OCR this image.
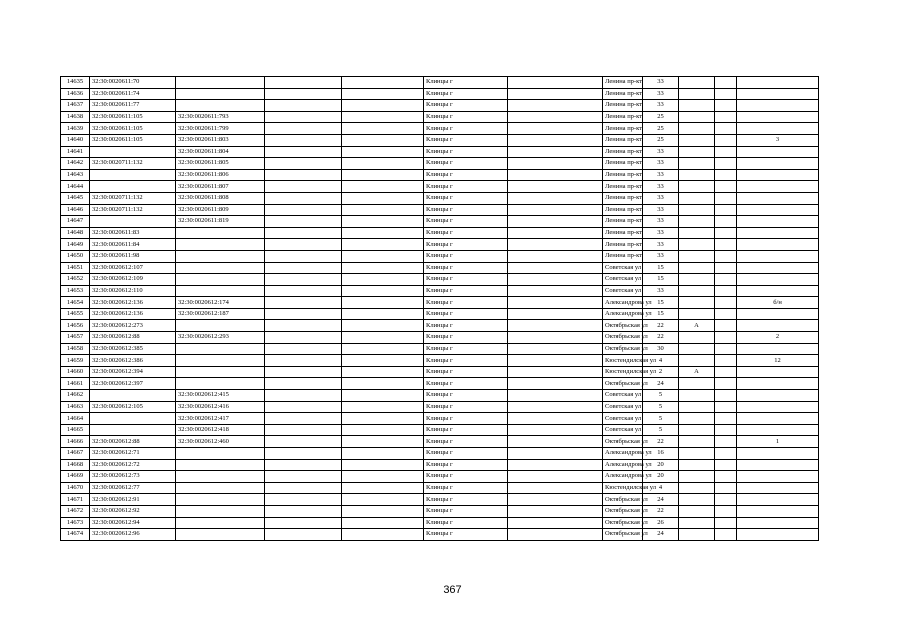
14635	32:30:0020611:70				Клинцы г		Ленина пр-кт	33			
14636	32:30:0020611:74				Клинцы г		Ленина пр-кт	33			
14637	32:30:0020611:77				Клинцы г		Ленина пр-кт	33			
14638	32:30:0020611:105	32:30:0020611:793			Клинцы г		Ленина пр-кт	25			
14639	32:30:0020611:105	32:30:0020611:799			Клинцы г		Ленина пр-кт	25			
14640	32:30:0020611:105	32:30:0020611:803			Клинцы г		Ленина пр-кт	25			3
14641		32:30:0020611:804			Клинцы г		Ленина пр-кт	33			
14642	32:30:0020711:132	32:30:0020611:805			Клинцы г		Ленина пр-кт	33			
14643		32:30:0020611:806			Клинцы г		Ленина пр-кт	33			
14644		32:30:0020611:807			Клинцы г		Ленина пр-кт	33			
14645	32:30:0020711:132	32:30:0020611:808			Клинцы г		Ленина пр-кт	33			
14646	32:30:0020711:132	32:30:0020611:809			Клинцы г		Ленина пр-кт	33			
14647		32:30:0020611:819			Клинцы г		Ленина пр-кт	33			
14648	32:30:0020611:83				Клинцы г		Ленина пр-кт	33			
14649	32:30:0020611:84				Клинцы г		Ленина пр-кт	33			
14650	32:30:0020611:98				Клинцы г		Ленина пр-кт	33			
14651	32:30:0020612:107				Клинцы г		Советская ул	15			
14652	32:30:0020612:109				Клинцы г		Советская ул	15			
14653	32:30:0020612:110				Клинцы г		Советская ул	33			
14654	32:30:0020612:136	32:30:0020612:174			Клинцы г		Александрова ул	15			б/н
14655	32:30:0020612:136	32:30:0020612:187			Клинцы г		Александрова ул	15			
14656	32:30:0020612:273				Клинцы г		Октябрьская ул	22	А		
14657	32:30:0020612:88	32:30:0020612:293			Клинцы г		Октябрьская ул	22			2
14658	32:30:0020612:385				Клинцы г		Октябрьская ул	30			
14659	32:30:0020612:386				Клинцы г		Кюстендилская ул	4			12
14660	32:30:0020612:394				Клинцы г		Кюстендилская ул	2	А		
14661	32:30:0020612:397				Клинцы г		Октябрьская ул	24			
14662		32:30:0020612:415			Клинцы г		Советская ул	5			
14663	32:30:0020612:105	32:30:0020612:416			Клинцы г		Советская ул	5			
14664		32:30:0020612:417			Клинцы г		Советская ул	5			
14665		32:30:0020612:418			Клинцы г		Советская ул	5			
14666	32:30:0020612:88	32:30:0020612:460			Клинцы г		Октябрьская ул	22			1
14667	32:30:0020612:71				Клинцы г		Александрова ул	16			
14668	32:30:0020612:72				Клинцы г		Александрова ул	20			
14669	32:30:0020612:73				Клинцы г		Александрова ул	20			
14670	32:30:0020612:77				Клинцы г		Кюстендилская ул	4			
14671	32:30:0020612:91				Клинцы г		Октябрьская ул	24			
14672	32:30:0020612:92				Клинцы г		Октябрьская ул	22			
14673	32:30:0020612:94				Клинцы г		Октябрьская ул	26			
14674	32:30:0020612:96				Клинцы г		Октябрьская ул	24			
367
